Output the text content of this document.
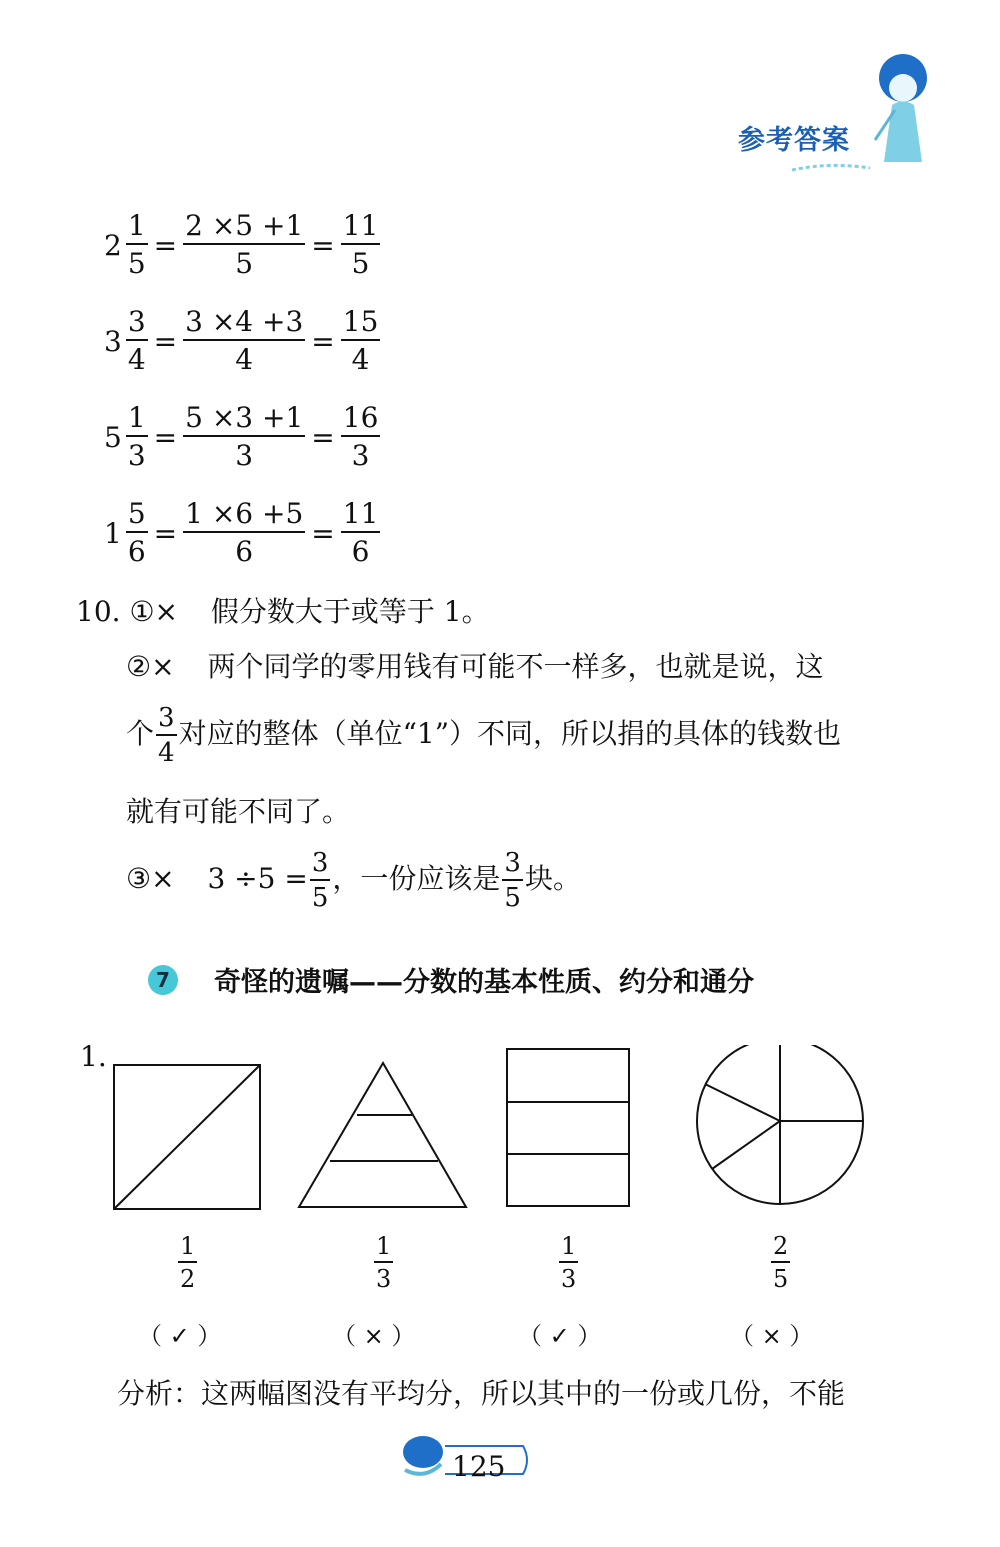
参考答案
$2 \frac{1}{5} = \frac{2 \times 5 +1}{5} = \frac{11}{5}$
$3 \frac{3}{4} = \frac{3 \times 4 +3}{4} = \frac{15}{4}$
$5 \frac{1}{3} = \frac{5 \times 3 +1}{3} = \frac{16}{3}$
$1 \frac{5}{6} = \frac{1 \times 6 +5}{6} = \frac{11}{6}$
10. ①× 假分数大于或等于 1。
②× 两个同学的零用钱有可能不一样多，也就是说，这
个 $\frac{3}{4}$ 对应的整体（单位“1”）不同，所以捐的具体的钱数也
就有可能不同了。
③× $3 \div 5 = \frac{3}{5}$ ，一份应该是 $\frac{3}{5}$ 块。
7 奇怪的遗嘱——分数的基本性质、约分和通分
1.
$\frac{1}{2}$	$\frac{1}{3}$	$\frac{1}{3}$	$\frac{2}{5}$
（ ✓ ）	（ × ）	（ ✓ ）	（ × ）
分析：这两幅图没有平均分，所以其中的一份或几份，不能
125
